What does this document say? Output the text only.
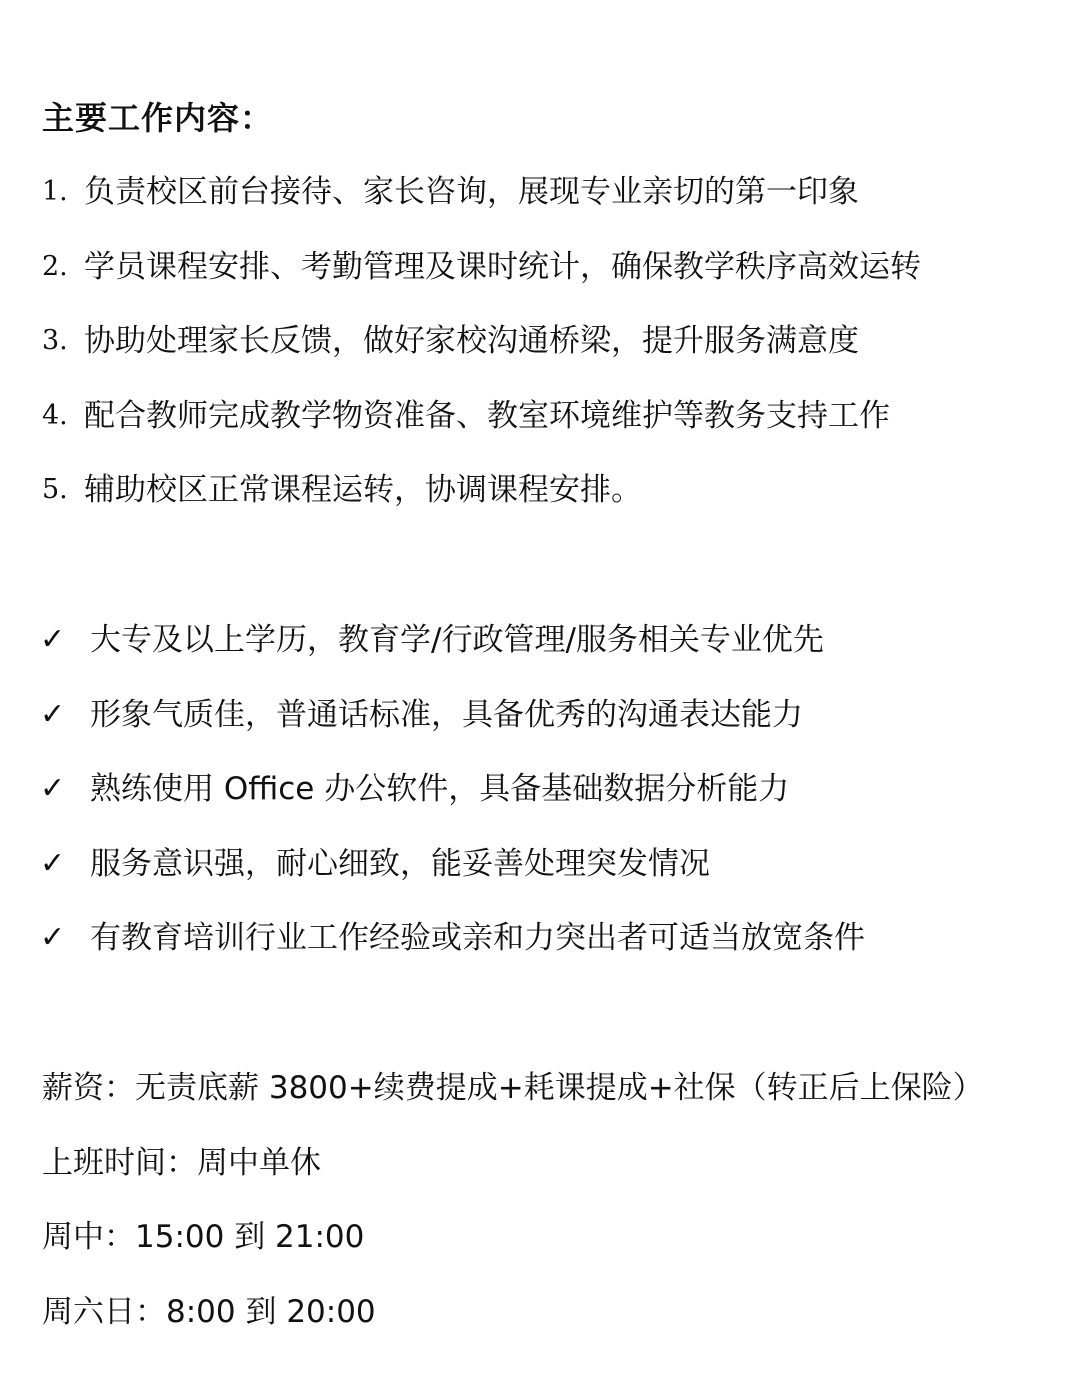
主要工作内容：
1. 负责校区前台接待、家长咨询，展现专业亲切的第一印象
2. 学员课程安排、考勤管理及课时统计，确保教学秩序高效运转
3. 协助处理家长反馈，做好家校沟通桥梁，提升服务满意度
4. 配合教师完成教学物资准备、教室环境维护等教务支持工作
5. 辅助校区正常课程运转，协调课程安排。
✓ 大专及以上学历，教育学/行政管理/服务相关专业优先
✓ 形象气质佳，普通话标准，具备优秀的沟通表达能力
✓ 熟练使用 Office 办公软件，具备基础数据分析能力
✓ 服务意识强，耐心细致，能妥善处理突发情况
✓ 有教育培训行业工作经验或亲和力突出者可适当放宽条件
薪资：无责底薪 3800+续费提成+耗课提成+社保（转正后上保险）
上班时间：周中单休
周中：15:00 到 21:00
周六日：8:00 到 20:00
